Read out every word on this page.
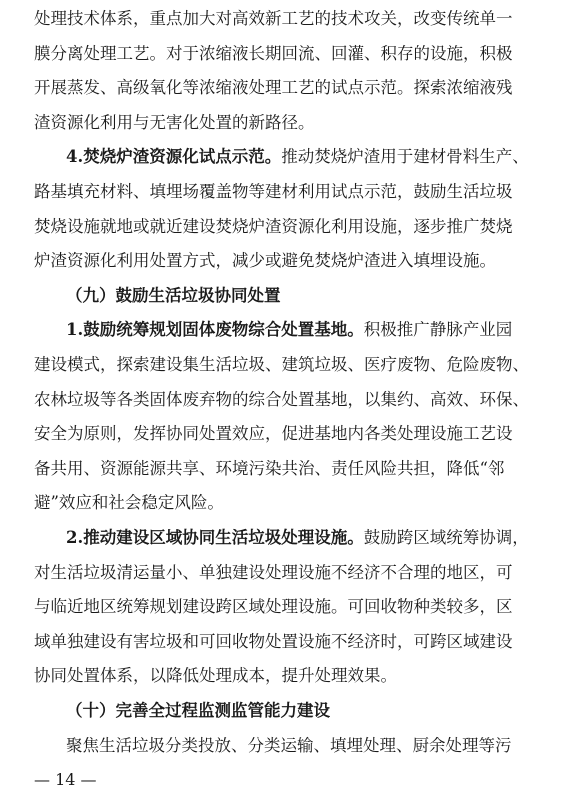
处理技术体系，重点加大对高效新工艺的技术攻关，改变传统单一
膜分离处理工艺。对于浓缩液长期回流、回灌、积存的设施，积极
开展蒸发、高级氧化等浓缩液处理工艺的试点示范。探索浓缩液残
渣资源化利用与无害化处置的新路径。
4.焚烧炉渣资源化试点示范。推动焚烧炉渣用于建材骨料生产、
路基填充材料、填埋场覆盖物等建材利用试点示范，鼓励生活垃圾
焚烧设施就地或就近建设焚烧炉渣资源化利用设施，逐步推广焚烧
炉渣资源化利用处置方式，减少或避免焚烧炉渣进入填埋设施。
（九）鼓励生活垃圾协同处置
1.鼓励统筹规划固体废物综合处置基地。积极推广静脉产业园
建设模式，探索建设集生活垃圾、建筑垃圾、医疗废物、危险废物、
农林垃圾等各类固体废弃物的综合处置基地，以集约、高效、环保、
安全为原则，发挥协同处置效应，促进基地内各类处理设施工艺设
备共用、资源能源共享、环境污染共治、责任风险共担，降低“邻
避”效应和社会稳定风险。
2.推动建设区域协同生活垃圾处理设施。鼓励跨区域统筹协调，
对生活垃圾清运量小、单独建设处理设施不经济不合理的地区，可
与临近地区统筹规划建设跨区域处理设施。可回收物种类较多，区
域单独建设有害垃圾和可回收物处置设施不经济时，可跨区域建设
协同处置体系，以降低处理成本，提升处理效果。
（十）完善全过程监测监管能力建设
聚焦生活垃圾分类投放、分类运输、填埋处理、厨余处理等污
— 14 —
